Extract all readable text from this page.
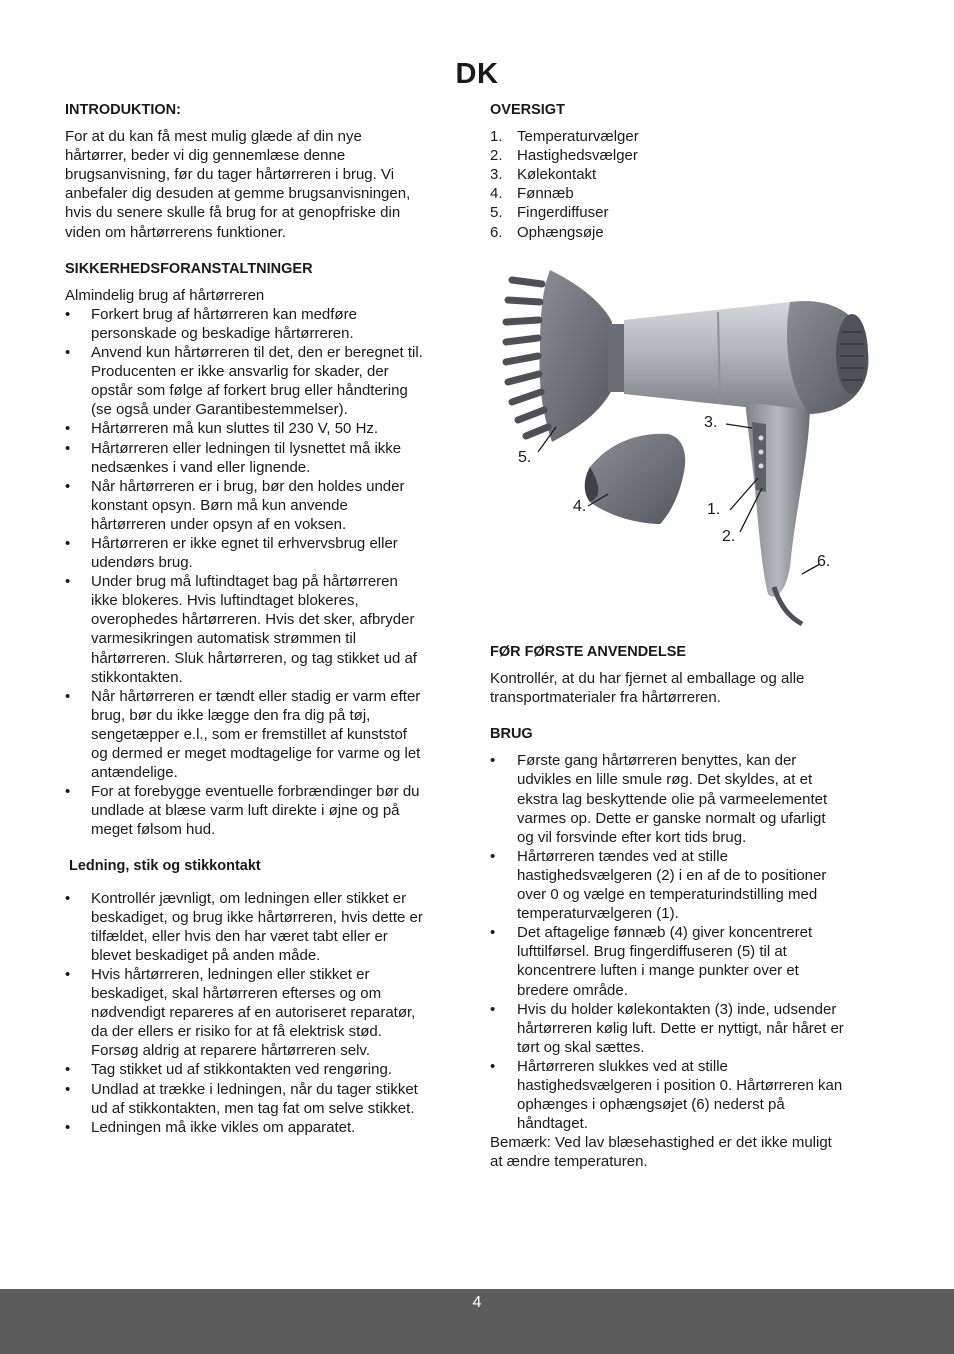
DK
INTRODUKTION:

For at du kan få mest mulig glæde af din nye hårtørrer, beder vi dig gennemlæse denne brugsanvisning, før du tager hårtørreren i brug. Vi anbefaler dig desuden at gemme brugsanvisningen, hvis du senere skulle få brug for at genopfriske din viden om hårtørrerens funktioner.

SIKKERHEDSFORANSTALTNINGER

Almindelig brug af hårtørreren

• Forkert brug af hårtørreren kan medføre personskade og beskadige hårtørreren.
• Anvend kun hårtørreren til det, den er beregnet til. Producenten er ikke ansvarlig for skader, der opstår som følge af forkert brug eller håndtering (se også under Garantibestemmelser).
• Hårtørreren må kun sluttes til 230 V, 50 Hz.
• Hårtørreren eller ledningen til lysnettet må ikke nedsænkes i vand eller lignende.
• Når hårtørreren er i brug, bør den holdes under konstant opsyn. Børn må kun anvende hårtørreren under opsyn af en voksen.
• Hårtørreren er ikke egnet til erhvervsbrug eller udendørs brug.
• Under brug må luftindtaget bag på hårtørreren ikke blokeres. Hvis luftindtaget blokeres, overophedes hårtørreren. Hvis det sker, afbryder varmesikringen automatisk strømmen til hårtørreren. Sluk hårtørreren, og tag stikket ud af stikkontakten.
• Når hårtørreren er tændt eller stadig er varm efter brug, bør du ikke lægge den fra dig på tøj, sengetæpper e.l., som er fremstillet af kunststof og dermed er meget modtagelige for varme og let antændelige.
• For at forebygge eventuelle forbrændinger bør du undlade at blæse varm luft direkte i øjne og på meget følsom hud.
Ledning, stik og stikkontakt
• Kontrollér jævnligt, om ledningen eller stikket er beskadiget, og brug ikke hårtørreren, hvis dette er tilfældet, eller hvis den har været tabt eller er blevet beskadiget på anden måde.
• Hvis hårtørreren, ledningen eller stikket er beskadiget, skal hårtørreren efterses og om nødvendigt repareres af en autoriseret reparatør, da der ellers er risiko for at få elektrisk stød. Forsøg aldrig at reparere hårtørreren selv.
• Tag stikket ud af stikkontakten ved rengøring.
• Undlad at trække i ledningen, når du tager stikket ud af stikkontakten, men tag fat om selve stikket.
• Ledningen må ikke vikles om apparatet.
OVERSIGT
1. Temperaturvælger
2. Hastighedsvælger
3. Kølekontakt
4. Fønnæb
5. Fingerdiffuser
6. Ophængsøje
5.
4.
3.
1.
2.
6.
FØR FØRSTE ANVENDELSE

Kontrollér, at du har fjernet al emballage og alle transportmaterialer fra hårtørreren.

BRUG
• Første gang hårtørreren benyttes, kan der udvikles en lille smule røg. Det skyldes, at et ekstra lag beskyttende olie på varmeelementet varmes op. Dette er ganske normalt og ufarligt og vil forsvinde efter kort tids brug.
• Hårtørreren tændes ved at stille hastighedsvælgeren (2) i en af de to positioner over 0 og vælge en temperaturindstilling med temperaturvælgeren (1).
• Det aftagelige fønnæb (4) giver koncentreret lufttilførsel. Brug fingerdiffuseren (5) til at koncentrere luften i mange punkter over et bredere område.
• Hvis du holder kølekontakten (3) inde, udsender hårtørreren kølig luft. Dette er nyttigt, når håret er tørt og skal sættes.
• Hårtørreren slukkes ved at stille hastighedsvælgeren i position 0. Hårtørreren kan ophænges i ophængsøjet (6) nederst på håndtaget.

Bemærk: Ved lav blæsehastighed er det ikke muligt at ændre temperaturen.

4
